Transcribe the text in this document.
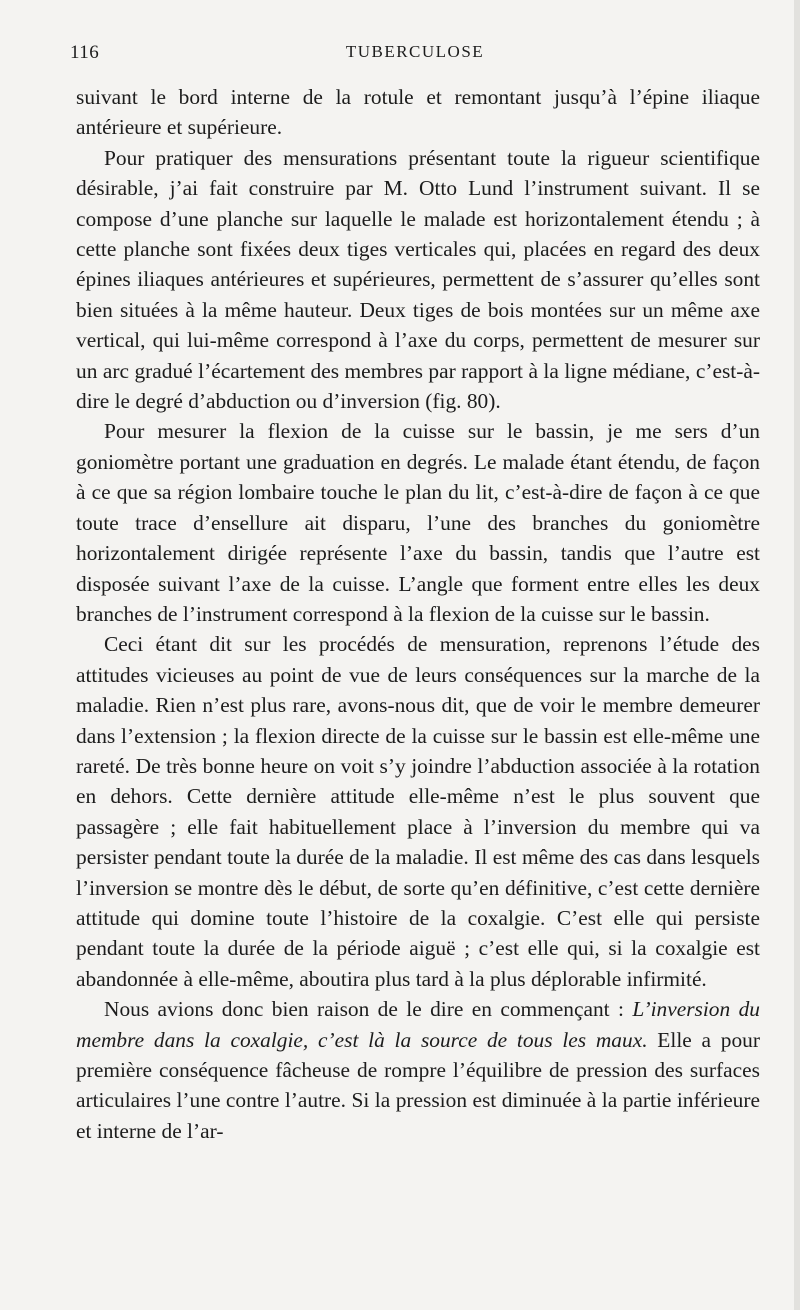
116	TUBERCULOSE

suivant le bord interne de la rotule et remontant jusqu’à l’épine iliaque antérieure et supérieure.

Pour pratiquer des mensurations présentant toute la rigueur scientifique désirable, j’ai fait construire par M. Otto Lund l’instrument suivant. Il se compose d’une planche sur laquelle le malade est horizontalement étendu ; à cette planche sont fixées deux tiges verticales qui, placées en regard des deux épines iliaques antérieures et supérieures, permettent de s’assurer qu’elles sont bien situées à la même hauteur. Deux tiges de bois montées sur un même axe vertical, qui lui-même correspond à l’axe du corps, permettent de mesurer sur un arc gradué l’écartement des membres par rapport à la ligne médiane, c’est-à-dire le degré d’abduction ou d’inversion (fig. 80).

Pour mesurer la flexion de la cuisse sur le bassin, je me sers d’un goniomètre portant une graduation en degrés. Le malade étant étendu, de façon à ce que sa région lombaire touche le plan du lit, c’est-à-dire de façon à ce que toute trace d’ensellure ait disparu, l’une des branches du goniomètre horizontalement dirigée représente l’axe du bassin, tandis que l’autre est disposée suivant l’axe de la cuisse. L’angle que forment entre elles les deux branches de l’instrument correspond à la flexion de la cuisse sur le bassin.

Ceci étant dit sur les procédés de mensuration, reprenons l’étude des attitudes vicieuses au point de vue de leurs conséquences sur la marche de la maladie. Rien n’est plus rare, avons-nous dit, que de voir le membre demeurer dans l’extension ; la flexion directe de la cuisse sur le bassin est elle-même une rareté. De très bonne heure on voit s’y joindre l’abduction associée à la rotation en dehors. Cette dernière attitude elle-même n’est le plus souvent que passagère ; elle fait habituellement place à l’inversion du membre qui va persister pendant toute la durée de la maladie. Il est même des cas dans lesquels l’inversion se montre dès le début, de sorte qu’en définitive, c’est cette dernière attitude qui domine toute l’histoire de la coxalgie. C’est elle qui persiste pendant toute la durée de la période aiguë ; c’est elle qui, si la coxalgie est abandonnée à elle-même, aboutira plus tard à la plus déplorable infirmité.

Nous avions donc bien raison de le dire en commençant : L’inversion du membre dans la coxalgie, c’est là la source de tous les maux. Elle a pour première conséquence fâcheuse de rompre l’équilibre de pression des surfaces articulaires l’une contre l’autre. Si la pression est diminuée à la partie inférieure et interne de l’ar-
